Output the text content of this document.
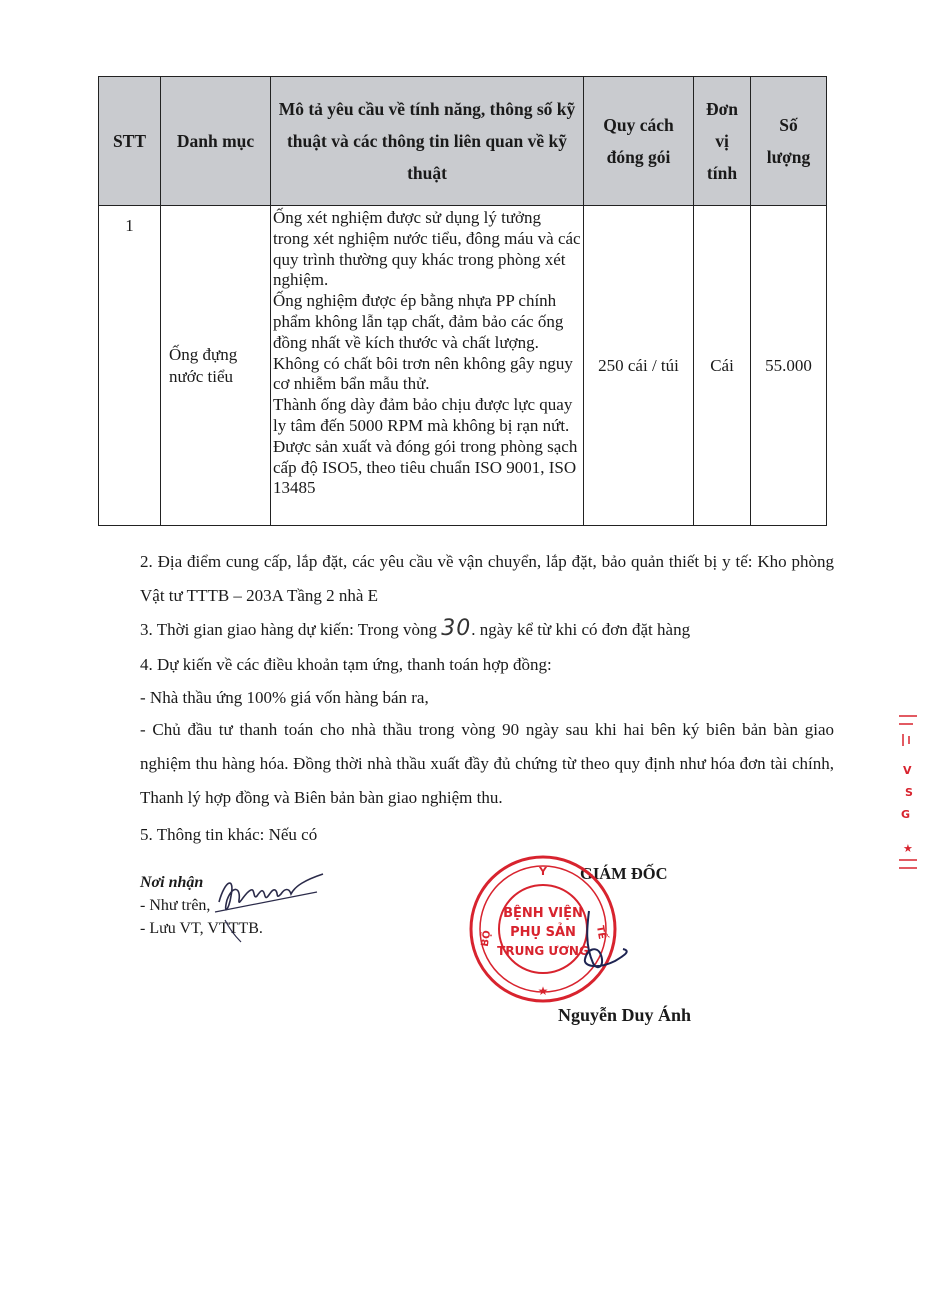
STT	Danh mục	Mô tả yêu cầu về tính năng, thông số kỹ thuật và các thông tin liên quan về kỹ thuật	Quy cách đóng gói	Đơn vị tính	Số lượng
1	Ống đựng nước tiểu	Ống xét nghiệm được sử dụng lý tưởng trong xét nghiệm nước tiểu, đông máu và các quy trình thường quy khác trong phòng xét nghiệm.

Ống nghiệm được ép bằng nhựa PP chính phẩm không lẫn tạp chất, đảm bảo các ống đồng nhất về kích thước và chất lượng.

Không có chất bôi trơn nên không gây nguy cơ nhiễm bẩn mẫu thử.

Thành ống dày đảm bảo chịu được lực quay ly tâm đến 5000 RPM mà không bị rạn nứt.

Được sản xuất và đóng gói trong phòng sạch cấp độ ISO5, theo tiêu chuẩn ISO 9001, ISO 13485	250 cái / túi	Cái	55.000
2. Địa điểm cung cấp, lắp đặt, các yêu cầu về vận chuyển, lắp đặt, bảo quản thiết bị y tế: Kho phòng Vật tư TTTB – 203A Tầng 2 nhà E
3. Thời gian giao hàng dự kiến: Trong vòng 30. ngày kể từ khi có đơn đặt hàng
4. Dự kiến về các điều khoản tạm ứng, thanh toán hợp đồng:
- Nhà thầu ứng 100% giá vốn hàng bán ra,
- Chủ đầu tư thanh toán cho nhà thầu trong vòng 90 ngày sau khi hai bên ký biên bản bàn giao nghiệm thu hàng hóa. Đồng thời nhà thầu xuất đầy đủ chứng từ theo quy định như hóa đơn tài chính, Thanh lý hợp đồng và Biên bản bàn giao nghiệm thu.
5. Thông tin khác: Nếu có
Nơi nhận
- Như trên,
- Lưu VT, VTTTB.
GIÁM ĐỐC
Y
BỘ	TẾ
BỆNH VIỆN
PHỤ SẢN
TRUNG ƯƠNG
★
Nguyễn Duy Ánh
V
S
G
★
